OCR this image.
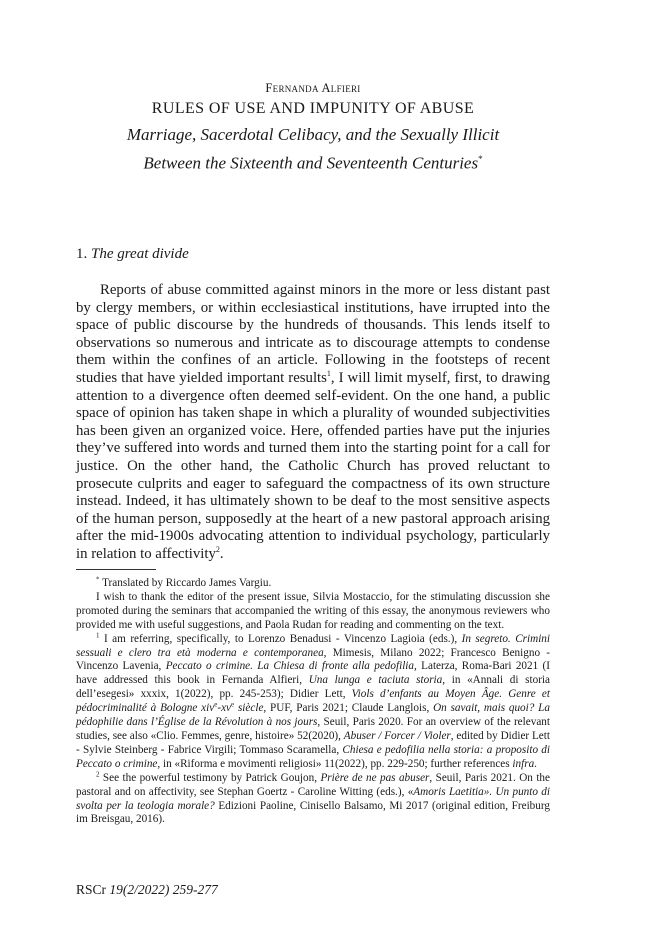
Fernanda Alfieri
RULES OF USE AND IMPUNITY OF ABUSE
Marriage, Sacerdotal Celibacy, and the Sexually Illicit
Between the Sixteenth and Seventeenth Centuries*
1. The great divide

Reports of abuse committed against minors in the more or less distant past by clergy members, or within ecclesiastical institutions, have irrupted into the space of public discourse by the hundreds of thousands. This lends itself to observations so numerous and intricate as to discourage attempts to condense them within the confines of an article. Following in the footsteps of recent studies that have yielded important results$^1$, I will limit myself, first, to drawing attention to a divergence often deemed self-evident. On the one hand, a public space of opinion has taken shape in which a plurality of wounded subjectivities has been given an organized voice. Here, offended parties have put the injuries they’ve suffered into words and turned them into the starting point for a call for justice. On the other hand, the Catholic Church has proved reluctant to prosecute culprits and eager to safeguard the compactness of its own structure instead. Indeed, it has ultimately shown to be deaf to the most sensitive aspects of the human person, supposedly at the heart of a new pastoral approach arising after the mid-1900s advocating attention to individual psychology, particularly in relation to affectivity$^2$.

* Translated by Riccardo James Vargiu.

I wish to thank the editor of the present issue, Silvia Mostaccio, for the stimulating discussion she promoted during the seminars that accompanied the writing of this essay, the anonymous reviewers who provided me with useful suggestions, and Paola Rudan for reading and commenting on the text.

$^1$ I am referring, specifically, to Lorenzo Benadusi - Vincenzo Lagioia (eds.), In segreto. Crimini sessuali e clero tra età moderna e contemporanea, Mimesis, Milano 2022; Francesco Benigno - Vincenzo Lavenia, Peccato o crimine. La Chiesa di fronte alla pedofilia, Laterza, Roma-Bari 2021 (I have addressed this book in Fernanda Alfieri, Una lunga e taciuta storia, in «Annali di storia dell’esegesi» xxxix, 1(2022), pp. 245-253); Didier Lett, Viols d’enfants au Moyen Âge. Genre et pédocriminalité à Bologne $xiv^e-xv^e$ siècle, PUF, Paris 2021; Claude Langlois, On savait, mais quoi? La pédophilie dans l’Église de la Révolution à nos jours, Seuil, Paris 2020. For an overview of the relevant studies, see also «Clio. Femmes, genre, histoire» 52(2020), Abuser / Forcer / Violer, edited by Didier Lett - Sylvie Steinberg - Fabrice Virgili; Tommaso Scaramella, Chiesa e pedofilia nella storia: a proposito di Peccato o crimine, in «Riforma e movimenti religiosi» 11(2022), pp. 229-250; further references infra.

$^2$ See the powerful testimony by Patrick Goujon, Prière de ne pas abuser, Seuil, Paris 2021. On the pastoral and on affectivity, see Stephan Goertz - Caroline Witting (eds.), «Amoris Laetitia». Un punto di svolta per la teologia morale? Edizioni Paoline, Cinisello Balsamo, Mi 2017 (original edition, Freiburg im Breisgau, 2016).

RSCr 19(2/2022) 259-277
